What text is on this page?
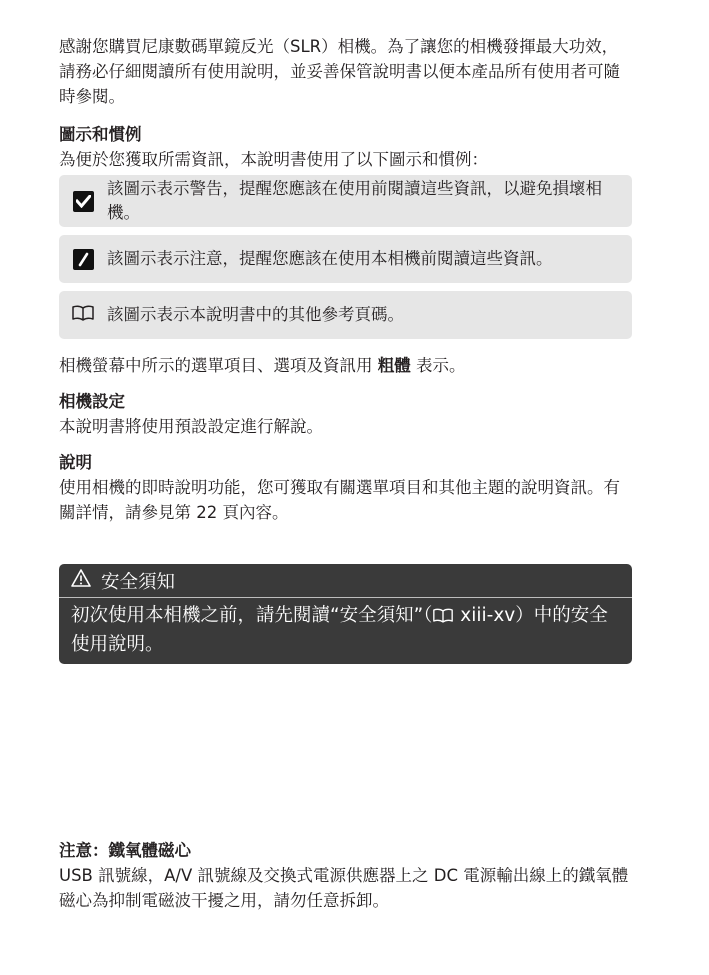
感謝您購買尼康數碼單鏡反光（SLR）相機。為了讓您的相機發揮最大功效，請務必仔細閱讀所有使用說明，並妥善保管說明書以便本產品所有使用者可隨時參閱。

圖示和慣例

為便於您獲取所需資訊，本說明書使用了以下圖示和慣例：

該圖示表示警告，提醒您應該在使用前閱讀這些資訊，以避免損壞相機。
該圖示表示注意，提醒您應該在使用本相機前閱讀這些資訊。
該圖示表示本說明書中的其他參考頁碼。

相機螢幕中所示的選單項目、選項及資訊用 粗體 表示。

相機設定

本說明書將使用預設設定進行解說。

說明

使用相機的即時說明功能，您可獲取有關選單項目和其他主題的說明資訊。有關詳情，請參見第 22 頁內容。

安全須知
初次使用本相機之前，請先閱讀“安全須知”（ xiii-xv）中的安全使用說明。

注意：鐵氧體磁心

USB 訊號線，A/V 訊號線及交換式電源供應器上之 DC 電源輸出線上的鐵氧體磁心為抑制電磁波干擾之用，請勿任意拆卸。
